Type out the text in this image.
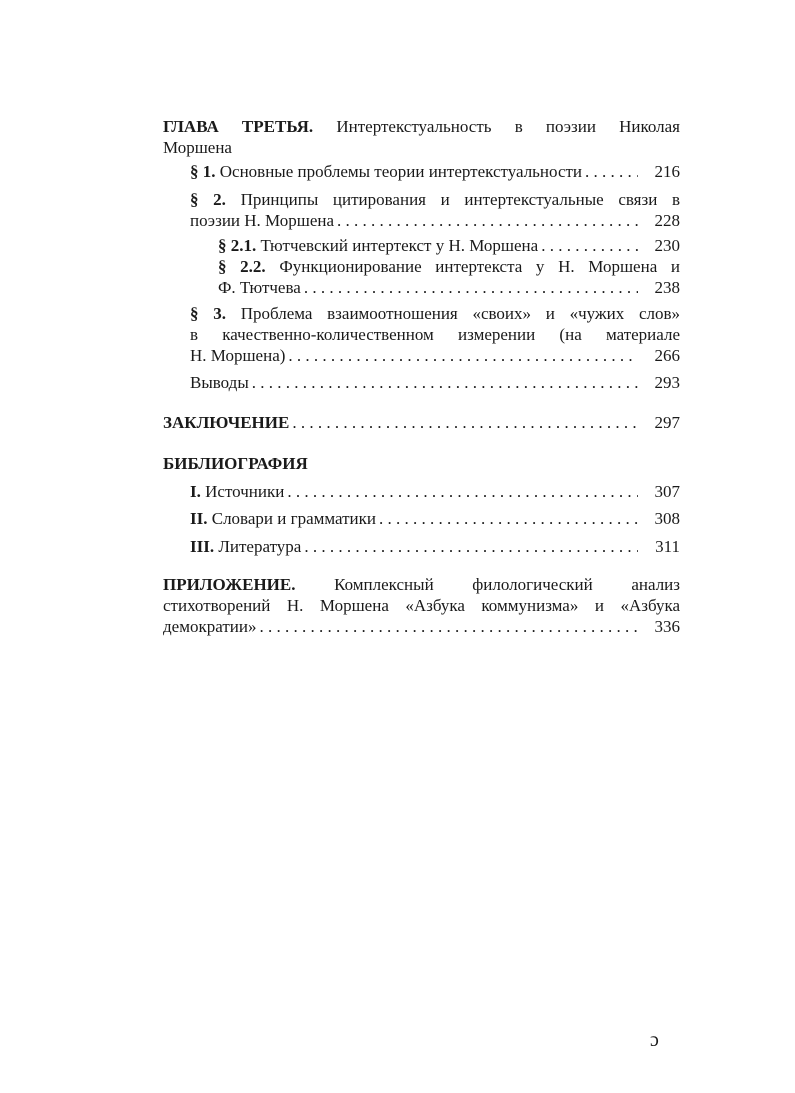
ГЛАВА ТРЕТЬЯ. Интертекстуальность в поэзии Николая
Моршена
§ 1. Основные проблемы теории интертекстуальности . . .	216
§ 2. Принципы цитирования и интертекстуальные связи в
поэзии Н. Моршена . . .	228
§ 2.1. Тютчевский интертекст у Н. Моршена . . .	230
§ 2.2. Функционирование интертекста у Н. Моршена и
Ф. Тютчева . . .	238
§ 3. Проблема взаимоотношения «своих» и «чужих слов»
в качественно-количественном измерении (на материале
Н. Моршена) . . .	266
Выводы . . .	293
ЗАКЛЮЧЕНИЕ . . .	297
БИБЛИОГРАФИЯ
I. Источники . . .	307
II. Словари и грамматики . . .	308
III. Литература . . .	311
ПРИЛОЖЕНИЕ. Комплексный филологический анализ
стихотворений Н. Моршена «Азбука коммунизма» и «Азбука
демократии» . . .	336
ɔ
